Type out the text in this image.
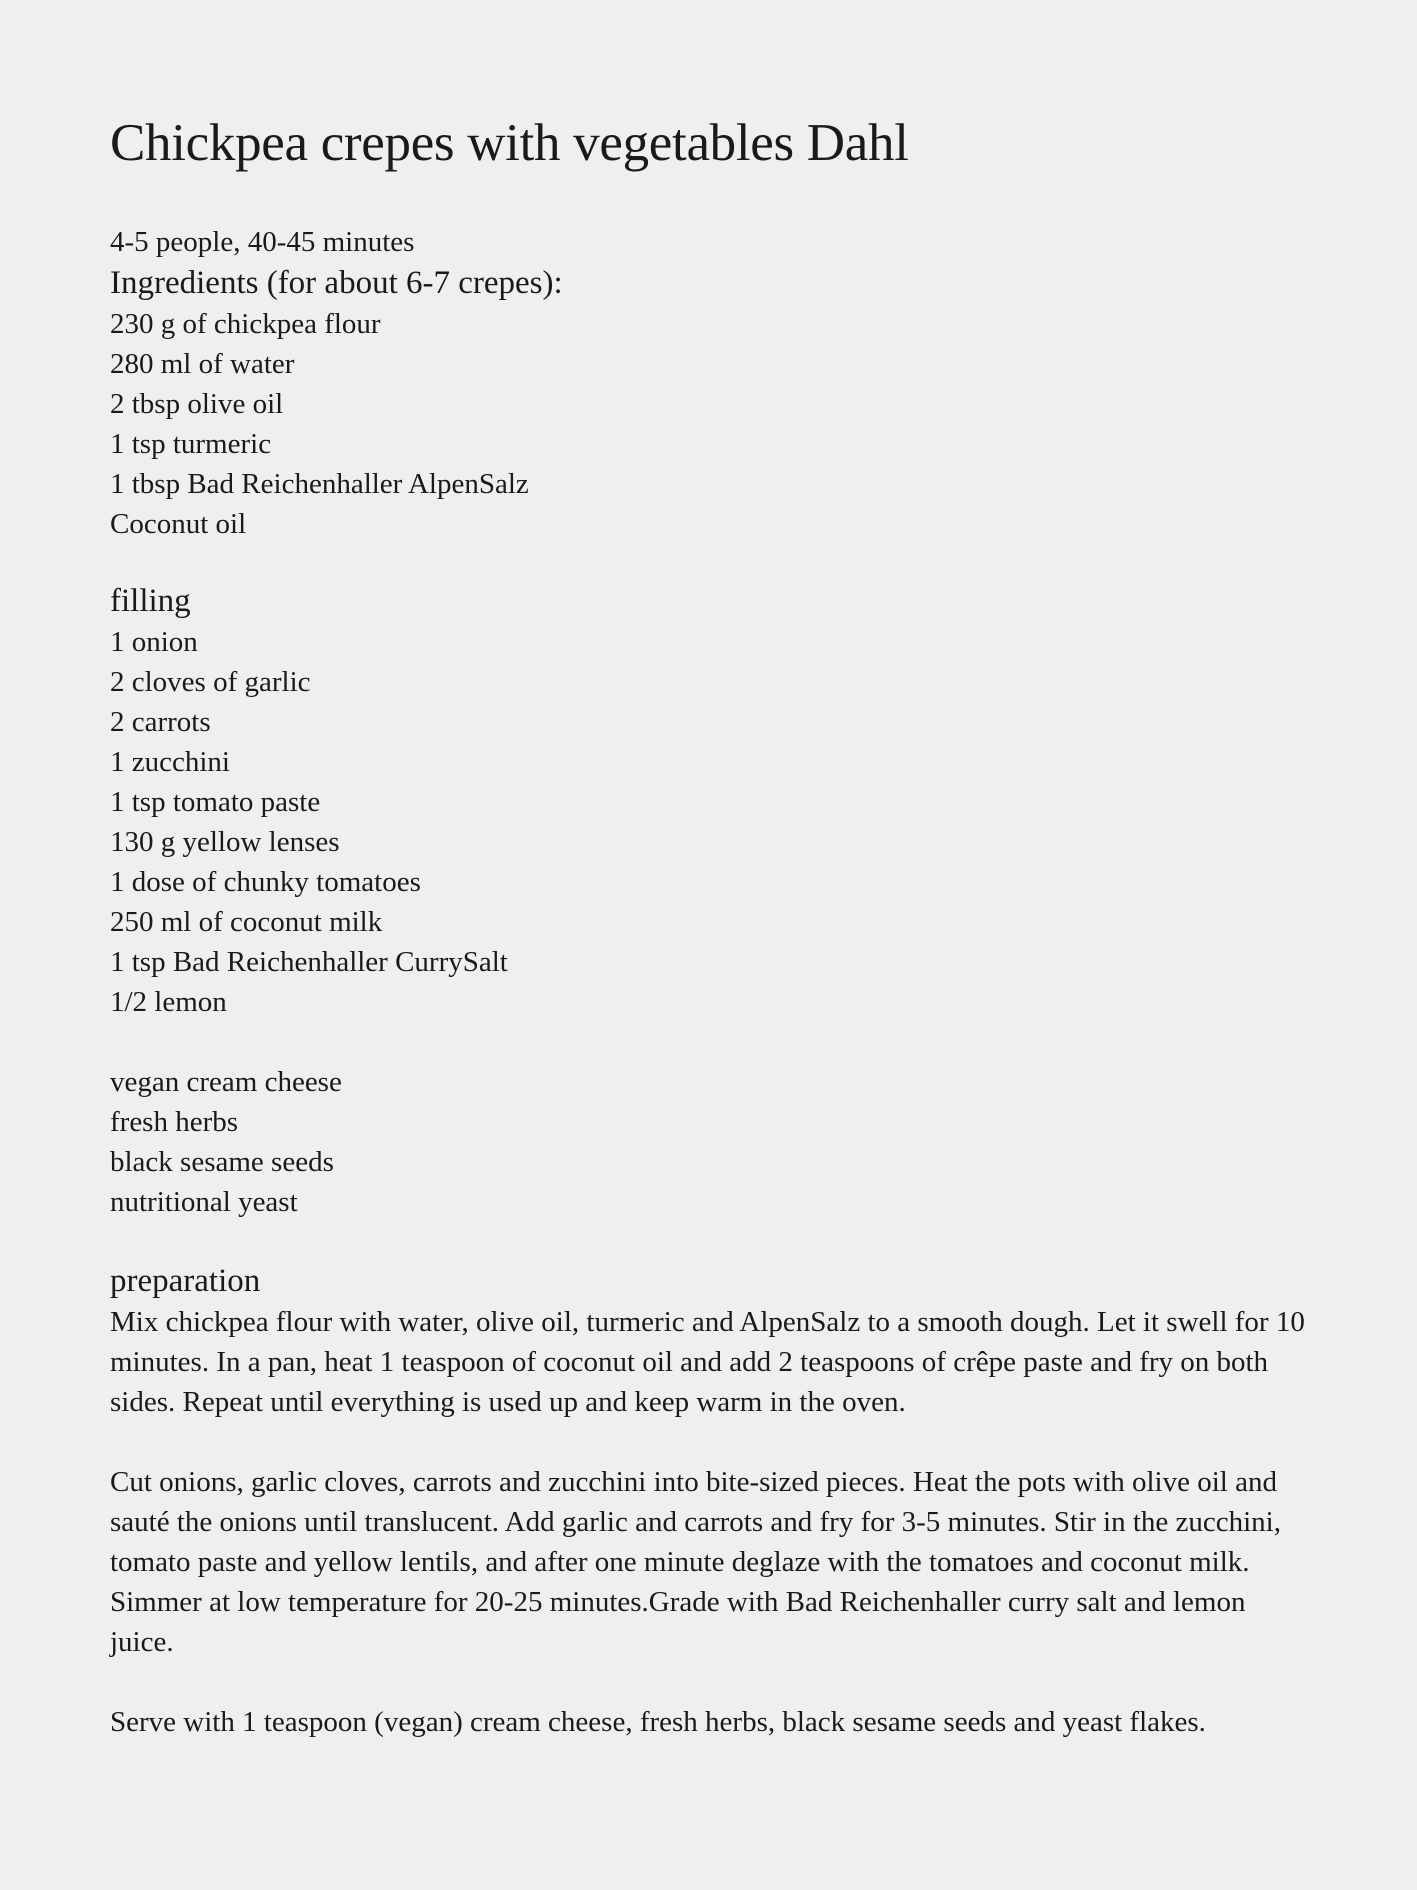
Chickpea crepes with vegetables Dahl

4-5 people, 40-45 minutes

Ingredients (for about 6-7 crepes):
230 g of chickpea flour
280 ml of water
2 tbsp olive oil
1 tsp turmeric
1 tbsp Bad Reichenhaller AlpenSalz
Coconut oil
filling
1 onion
2 cloves of garlic
2 carrots
1 zucchini
1 tsp tomato paste
130 g yellow lenses
1 dose of chunky tomatoes
250 ml of coconut milk
1 tsp Bad Reichenhaller CurrySalt
1/2 lemon
vegan cream cheese
fresh herbs
black sesame seeds
nutritional yeast
preparation

Mix chickpea flour with water, olive oil, turmeric and AlpenSalz to a smooth dough. Let it swell for 10 minutes. In a pan, heat 1 teaspoon of coconut oil and add 2 teaspoons of crêpe paste and fry on both sides. Repeat until everything is used up and keep warm in the oven.

Cut onions, garlic cloves, carrots and zucchini into bite-sized pieces. Heat the pots with olive oil and sauté the onions until translucent. Add garlic and carrots and fry for 3-5 minutes. Stir in the zucchini, tomato paste and yellow lentils, and after one minute deglaze with the tomatoes and coconut milk. Simmer at low temperature for 20-25 minutes.Grade with Bad Reichenhaller curry salt and lemon juice.

Serve with 1 teaspoon (vegan) cream cheese, fresh herbs, black sesame seeds and yeast flakes.
